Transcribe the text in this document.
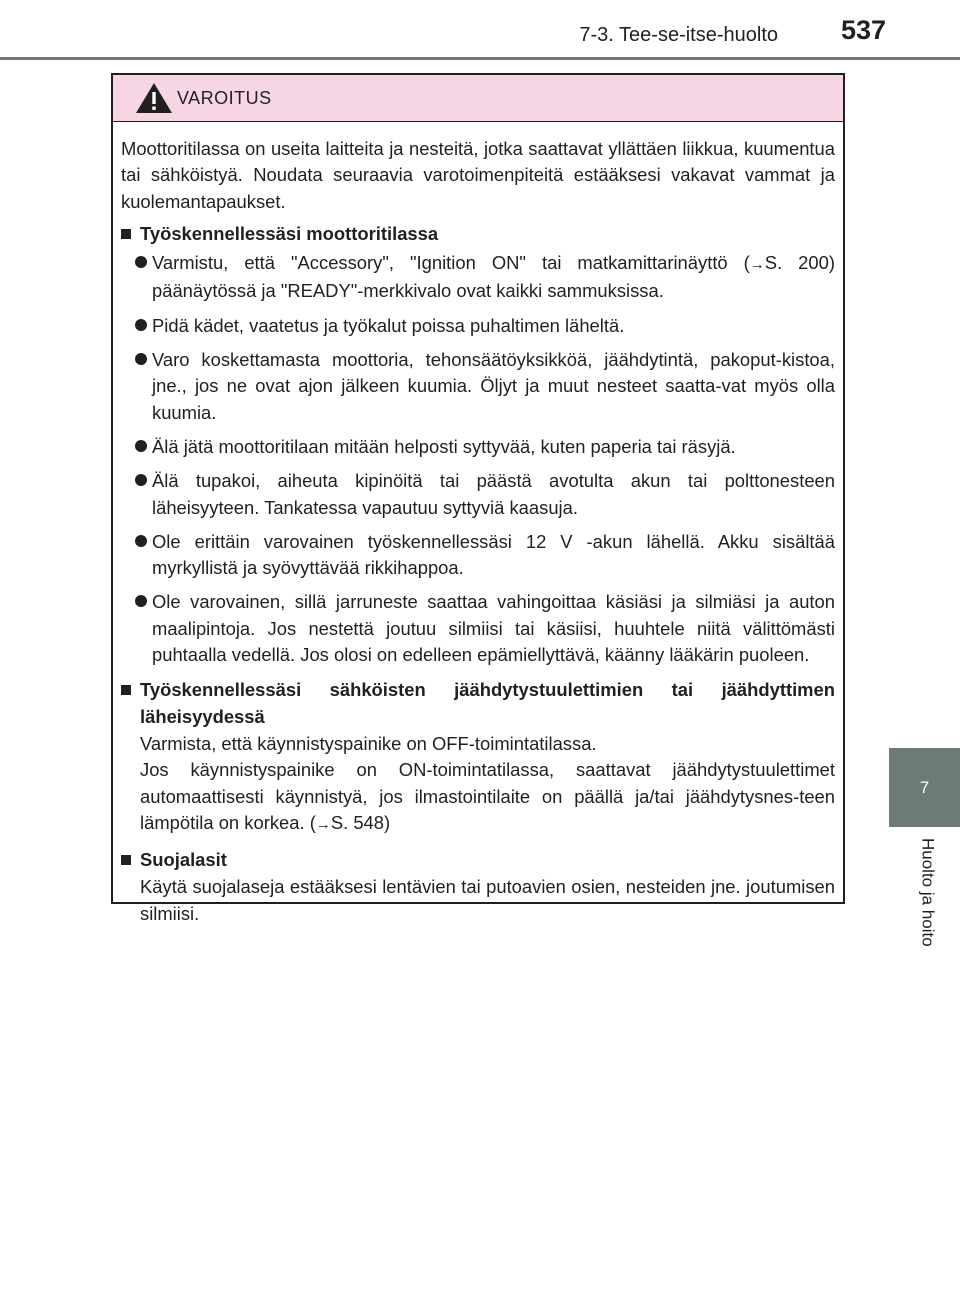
7-3. Tee-se-itse-huolto 537
7
Huolto ja hoito
VAROITUS

Moottoritilassa on useita laitteita ja nesteitä, jotka saattavat yllättäen liikkua, kuumentua tai sähköistyä. Noudata seuraavia varotoimenpiteitä estääksesi vakavat vammat ja kuolemantapaukset.

Työskennellessäsi moottoritilassa
Varmistu, että "Accessory", "Ignition ON" tai matkamittarinäyttö (→S. 200) päänäytössä ja "READY"-merkkivalo ovat kaikki sammuksissa.
Pidä kädet, vaatetus ja työkalut poissa puhaltimen läheltä.
Varo koskettamasta moottoria, tehonsäätöyksikköä, jäähdytintä, pakoput-kistoa, jne., jos ne ovat ajon jälkeen kuumia. Öljyt ja muut nesteet saatta-vat myös olla kuumia.
Älä jätä moottoritilaan mitään helposti syttyvää, kuten paperia tai räsyjä.
Älä tupakoi, aiheuta kipinöitä tai päästä avotulta akun tai polttonesteen läheisyyteen. Tankatessa vapautuu syttyviä kaasuja.
Ole erittäin varovainen työskennellessäsi 12 V -akun lähellä. Akku sisältää myrkyllistä ja syövyttävää rikkihappoa.
Ole varovainen, sillä jarruneste saattaa vahingoittaa käsiäsi ja silmiäsi ja auton maalipintoja. Jos nestettä joutuu silmiisi tai käsiisi, huuhtele niitä välittömästi puhtaalla vedellä. Jos olosi on edelleen epämiellyttävä, käänny lääkärin puoleen.
Työskennellessäsi sähköisten jäähdytystuulettimien tai jäähdyttimen läheisyydessä

Varmista, että käynnistyspainike on OFF-toimintatilassa.

Jos käynnistyspainike on ON-toimintatilassa, saattavat jäähdytystuulettimet automaattisesti käynnistyä, jos ilmastointilaite on päällä ja/tai jäähdytysnes-teen lämpötila on korkea. (→S. 548)

Suojalasit

Käytä suojalaseja estääksesi lentävien tai putoavien osien, nesteiden jne. joutumisen silmiisi.
